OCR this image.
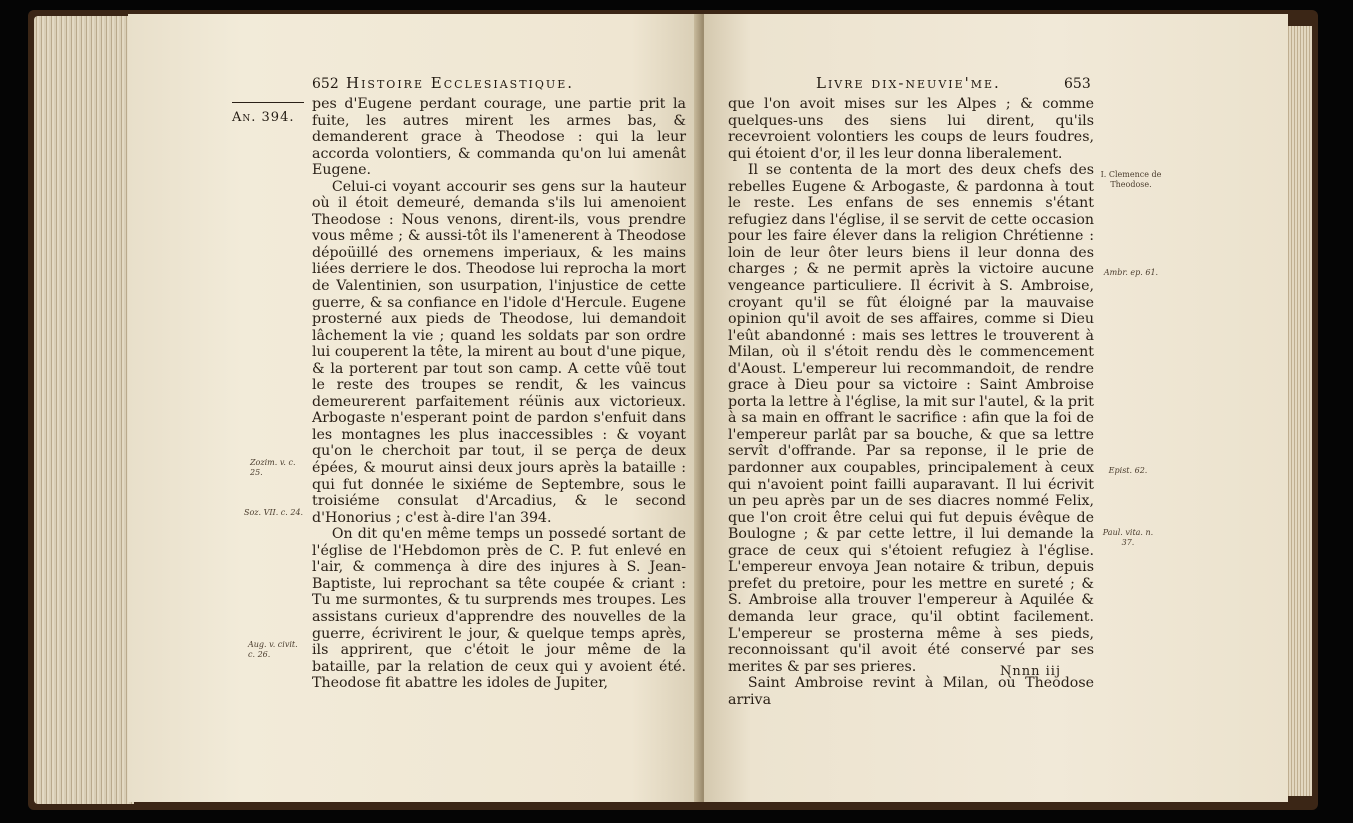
652 Histoire Ecclesiastique.
An. 394.

pes d'Eugene perdant courage, une partie prit la fuite, les autres mirent les armes bas, & demanderent grace à Theodose : qui la leur accorda volontiers, & commanda qu'on lui amenât Eugene.

Celui-ci voyant accourir ses gens sur la hauteur où il étoit demeuré, demanda s'ils lui amenoient Theodose : Nous venons, dirent-ils, vous prendre vous même ; & aussi-tôt ils l'amenerent à Theodose dépoüillé des ornemens imperiaux, & les mains liées derriere le dos. Theodose lui reprocha la mort de Valentinien, son usurpation, l'injustice de cette guerre, & sa confiance en l'idole d'Hercule. Eugene prosterné aux pieds de Theodose, lui demandoit lâchement la vie ; quand les soldats par son ordre lui couperent la tête, la mirent au bout d'une pique, & la porterent par tout son camp. A cette vûë tout le reste des troupes se rendit, & les vaincus demeurerent parfaitement réünis aux victorieux. Arbogaste n'esperant point de pardon s'enfuit dans les montagnes les plus inaccessibles : & voyant qu'on le cherchoit par tout, il se perça de deux épées, & mourut ainsi deux jours après la bataille : qui fut donnée le sixiéme de Septembre, sous le troisiéme consulat d'Arcadius, & le second d'Honorius ; c'est à-dire l'an 394.

On dit qu'en même temps un possedé sortant de l'église de l'Hebdomon près de C. P. fut enlevé en l'air, & commença à dire des injures à S. Jean-Baptiste, lui reprochant sa tête coupée & criant : Tu me surmontes, & tu surprends mes troupes. Les assistans curieux d'apprendre des nouvelles de la guerre, écrivirent le jour, & quelque temps après, ils apprirent, que c'étoit le jour même de la bataille, par la relation de ceux qui y avoient été. Theodose fit abattre les idoles de Jupiter,

Zozim. v. c. 25.
Soz. VII. c. 24.
Aug. v. civit. c. 26.
Livre dix-neuvie'me.	653

que l'on avoit mises sur les Alpes ; & comme quelques-uns des siens lui dirent, qu'ils recevroient volontiers les coups de leurs foudres, qui étoient d'or, il les leur donna liberalement.

Il se contenta de la mort des deux chefs des rebelles Eugene & Arbogaste, & pardonna à tout le reste. Les enfans de ses ennemis s'étant refugiez dans l'église, il se servit de cette occasion pour les faire élever dans la religion Chrétienne : loin de leur ôter leurs biens il leur donna des charges ; & ne permit après la victoire aucune vengeance particuliere. Il écrivit à S. Ambroise, croyant qu'il se fût éloigné par la mauvaise opinion qu'il avoit de ses affaires, comme si Dieu l'eût abandonné : mais ses lettres le trouverent à Milan, où il s'étoit rendu dès le commencement d'Aoust. L'empereur lui recommandoit, de rendre grace à Dieu pour sa victoire : Saint Ambroise porta la lettre à l'église, la mit sur l'autel, & la prit à sa main en offrant le sacrifice : afin que la foi de l'empereur parlât par sa bouche, & que sa lettre servît d'offrande. Par sa reponse, il le prie de pardonner aux coupables, principalement à ceux qui n'avoient point failli auparavant. Il lui écrivit un peu après par un de ses diacres nommé Felix, que l'on croit être celui qui fut depuis évêque de Boulogne ; & par cette lettre, il lui demande la grace de ceux qui s'étoient refugiez à l'église. L'empereur envoya Jean notaire & tribun, depuis prefet du pretoire, pour les mettre en sureté ; & S. Ambroise alla trouver l'empereur à Aquilée & demanda leur grace, qu'il obtint facilement. L'empereur se prosterna même à ses pieds, reconnoissant qu'il avoit été conservé par ses merites & par ses prieres.

Saint Ambroise revint à Milan, où Theodose arriva

I. Clemence de Theodose.
Ambr. ep. 61.
Epist. 62.
Paul. vita. n. 37.
Nnnn iij
